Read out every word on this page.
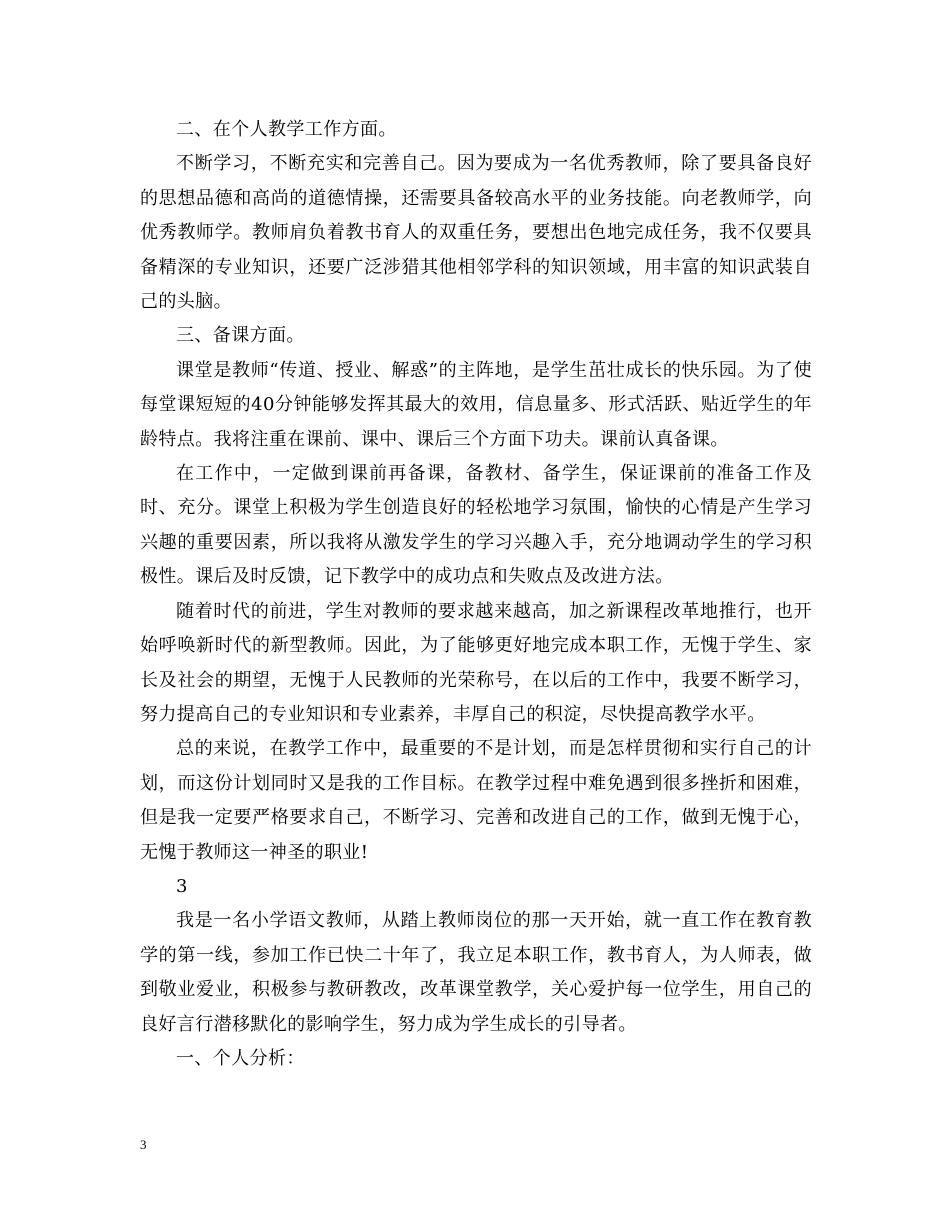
二、在个人教学工作方面。

不断学习，不断充实和完善自己。因为要成为一名优秀教师，除了要具备良好的思想品德和高尚的道德情操，还需要具备较高水平的业务技能。向老教师学，向优秀教师学。教师肩负着教书育人的双重任务，要想出色地完成任务，我不仅要具备精深的专业知识，还要广泛涉猎其他相邻学科的知识领域，用丰富的知识武装自己的头脑。

三、备课方面。

课堂是教师“传道、授业、解惑”的主阵地，是学生茁壮成长的快乐园。为了使每堂课短短的40分钟能够发挥其最大的效用，信息量多、形式活跃、贴近学生的年龄特点。我将注重在课前、课中、课后三个方面下功夫。课前认真备课。

在工作中，一定做到课前再备课，备教材、备学生，保证课前的准备工作及时、充分。课堂上积极为学生创造良好的轻松地学习氛围，愉快的心情是产生学习兴趣的重要因素，所以我将从激发学生的学习兴趣入手，充分地调动学生的学习积极性。课后及时反馈，记下教学中的成功点和失败点及改进方法。

随着时代的前进，学生对教师的要求越来越高，加之新课程改革地推行，也开始呼唤新时代的新型教师。因此，为了能够更好地完成本职工作，无愧于学生、家长及社会的期望，无愧于人民教师的光荣称号，在以后的工作中，我要不断学习，努力提高自己的专业知识和专业素养，丰厚自己的积淀，尽快提高教学水平。

总的来说，在教学工作中，最重要的不是计划，而是怎样贯彻和实行自己的计划，而这份计划同时又是我的工作目标。在教学过程中难免遇到很多挫折和困难，但是我一定要严格要求自己，不断学习、完善和改进自己的工作，做到无愧于心，无愧于教师这一神圣的职业!

3

我是一名小学语文教师，从踏上教师岗位的那一天开始，就一直工作在教育教学的第一线，参加工作已快二十年了，我立足本职工作，教书育人，为人师表，做到敬业爱业，积极参与教研教改，改革课堂教学，关心爱护每一位学生，用自己的良好言行潜移默化的影响学生，努力成为学生成长的引导者。

一、个人分析：

3
